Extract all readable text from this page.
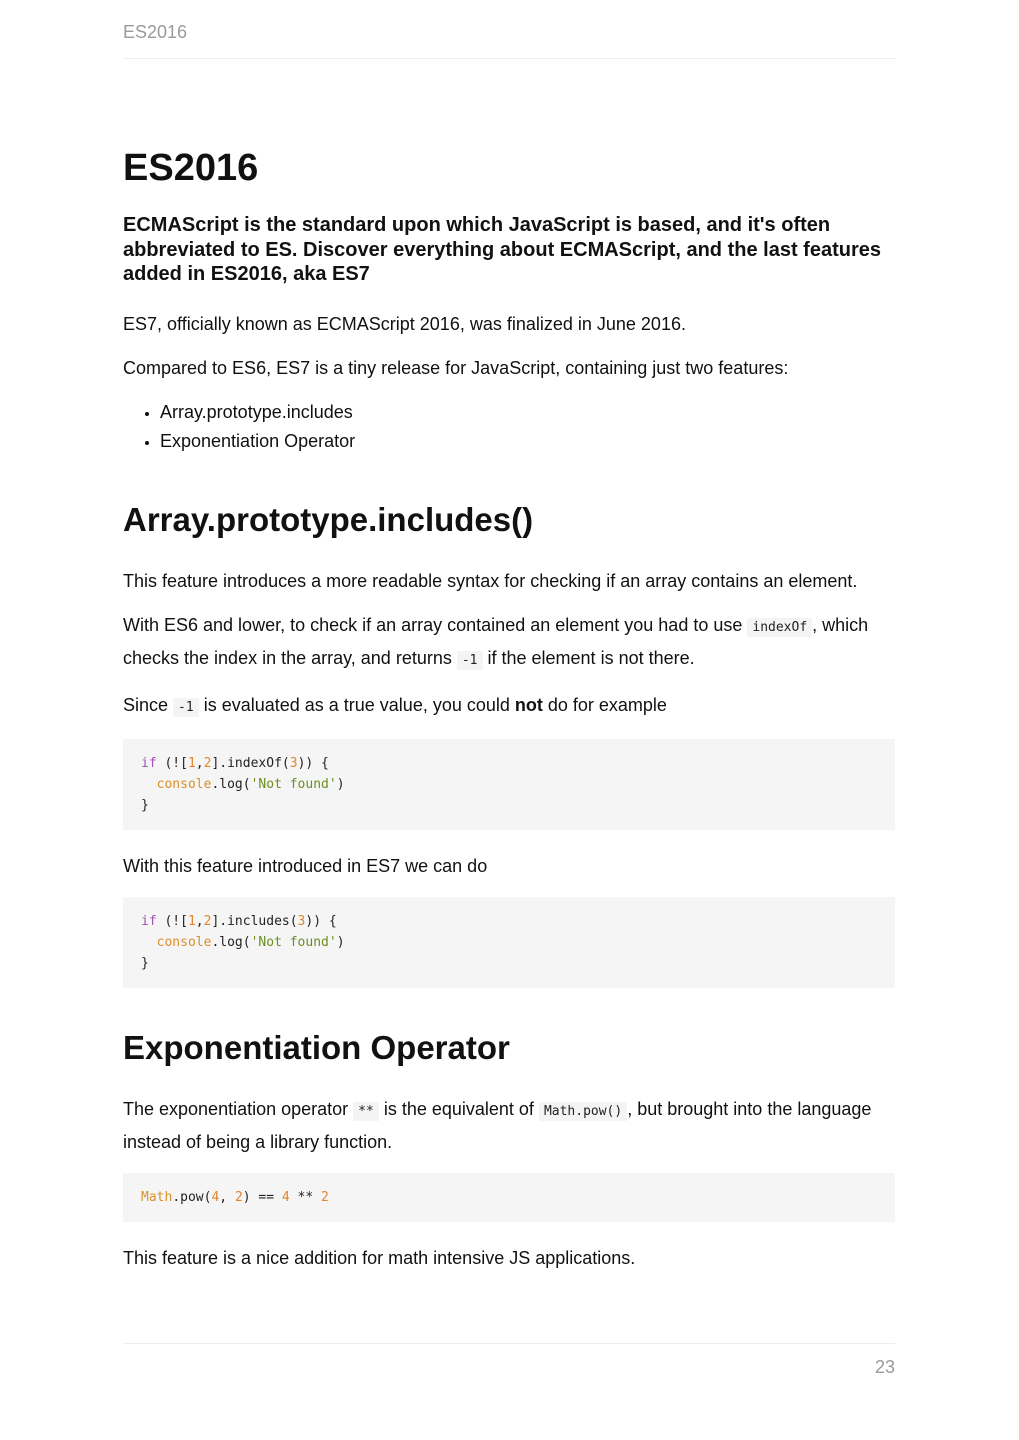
ES2016
ES2016
ECMAScript is the standard upon which JavaScript is based, and it's often abbreviated to ES. Discover everything about ECMAScript, and the last features added in ES2016, aka ES7

ES7, officially known as ECMAScript 2016, was finalized in June 2016.

Compared to ES6, ES7 is a tiny release for JavaScript, containing just two features:

• Array.prototype.includes
• Exponentiation Operator
Array.prototype.includes()

This feature introduces a more readable syntax for checking if an array contains an element.

With ES6 and lower, to check if an array contained an element you had to use indexOf , which checks the index in the array, and returns -1 if the element is not there.

Since -1 is evaluated as a true value, you could not do for example

if (![1,2].indexOf(3)) {
console.log('Not found')
}

With this feature introduced in ES7 we can do

if (![1,2].includes(3)) {
console.log('Not found')
}
Exponentiation Operator

The exponentiation operator ** is the equivalent of Math.pow() , but brought into the language instead of being a library function.

Math.pow(4, 2) == 4 ** 2

This feature is a nice addition for math intensive JS applications.

23
